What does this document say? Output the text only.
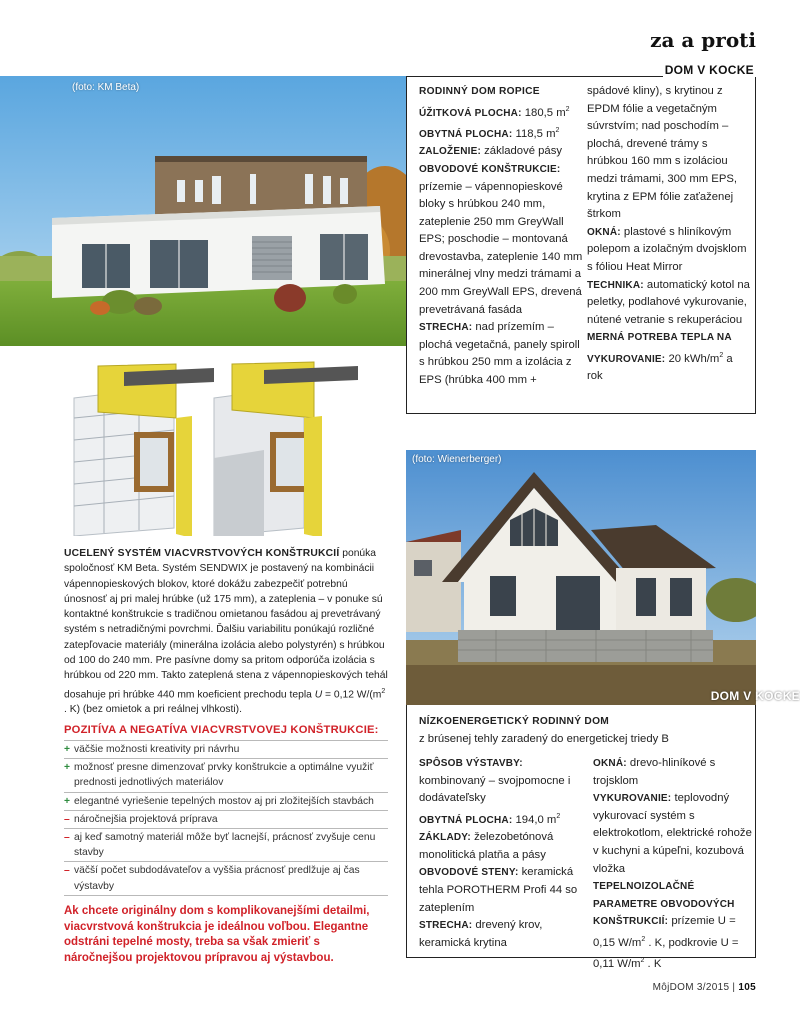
za a proti
(foto: KM Beta)
DOM V KOCKE
RODINNÝ DOM ROPICE
ÚŽITKOVÁ PLOCHA: 180,5 $m^2$
OBYTNÁ PLOCHA: 118,5 $m^2$
ZALOŽENIE: základové pásy
OBVODOVÉ KONŠTRUKCIE: prízemie – vápennopieskové bloky s hrúbkou 240 mm, zateplenie 250 mm GreyWall EPS; poschodie – montovaná drevostavba, zateplenie 140 mm minerálnej vlny medzi trámami a 200 mm GreyWall EPS, drevená prevetrávaná fasáda
STRECHA: nad prízemím – plochá vegetačná, panely spiroll s hrúbkou 250 mm a izolácia z EPS (hrúbka 400 mm +
spádové kliny), s krytinou z EPDM fólie a vegetačným súvrstvím; nad poschodím – plochá, drevené trámy s hrúbkou 160 mm s izoláciou medzi trámami, 300 mm EPS, krytina z EPM fólie zaťaženej štrkom
OKNÁ: plastové s hliníkovým polepom a izolačným dvojsklom s fóliou Heat Mirror
TECHNIKA: automatický kotol na peletky, podlahové vykurovanie, nútené vetranie s rekuperáciou
MERNÁ POTREBA TEPLA NA VYKUROVANIE: 20 kWh/$m^2$ a rok
UCELENÝ SYSTÉM VIACVRSTVOVÝCH KONŠTRUKCIÍ ponúka spoločnosť KM Beta. Systém SENDWIX je postavený na kombinácii vápennopieskových blokov, ktoré dokážu zabezpečiť potrebnú únosnosť aj pri malej hrúbke (už 175 mm), a zateplenia – v ponuke sú kontaktné konštrukcie s tradičnou omietanou fasádou aj prevetrávaný systém s netradičnými povrchmi. Ďalšiu variabilitu ponúkajú rozličné zatepľovacie materiály (minerálna izolácia alebo polystyrén) s hrúbkou od 100 do 240 mm. Pre pasívne domy sa pritom odporúča izolácia s hrúbkou od 220 mm. Takto zateplená stena z vápennopieskových tehál dosahuje pri hrúbke 440 mm koeficient prechodu tepla U = 0,12 $W/(m^2$ . K) (bez omietok a pri reálnej vlhkosti).
POZITÍVA A NEGATÍVA VIACVRSTVOVEJ KONŠTRUKCIE:
+ väčšie možnosti kreativity pri návrhu
+ možnosť presne dimenzovať prvky konštrukcie a optimálne využiť prednosti jednotlivých materiálov
+ elegantné vyriešenie tepelných mostov aj pri zložitejších stavbách
– náročnejšia projektová príprava
– aj keď samotný materiál môže byť lacnejší, prácnosť zvyšuje cenu stavby
– väčší počet subdodávateľov a vyššia prácnosť predlžuje aj čas výstavby
Ak chcete originálny dom s komplikovanejšími detailmi, viacvrstvová konštrukcia je ideálnou voľbou. Elegantne odstráni tepelné mosty, treba sa však zmieriť s náročnejšou projektovou prípravou aj výstavbou.
(foto: Wienerberger)
DOM V KOCKE
NÍZKOENERGETICKÝ RODINNÝ DOM
z brúsenej tehly zaradený do energetickej triedy B
SPÔSOB VÝSTAVBY: kombinovaný – svojpomocne i dodávateľsky
OBYTNÁ PLOCHA: 194,0 $m^2$
ZÁKLADY: železobetónová monolitická platňa a pásy
OBVODOVÉ STENY: keramická tehla POROTHERM Profi 44 so zateplením
STRECHA: drevený krov, keramická krytina
OKNÁ: drevo-hliníkové s trojsklom
VYKUROVANIE: teplovodný vykurovací systém s elektrokotlom, elektrické rohože v kuchyni a kúpeľni, kozubová vložka
TEPELNOIZOLAČNÉ PARAMETRE OBVODOVÝCH KONŠTRUKCIÍ: prízemie U = 0,15 $W/m^2$ . K, podkrovie U = 0,11 $W/m^2$ . K
MôjDOM 3/2015 | 105
